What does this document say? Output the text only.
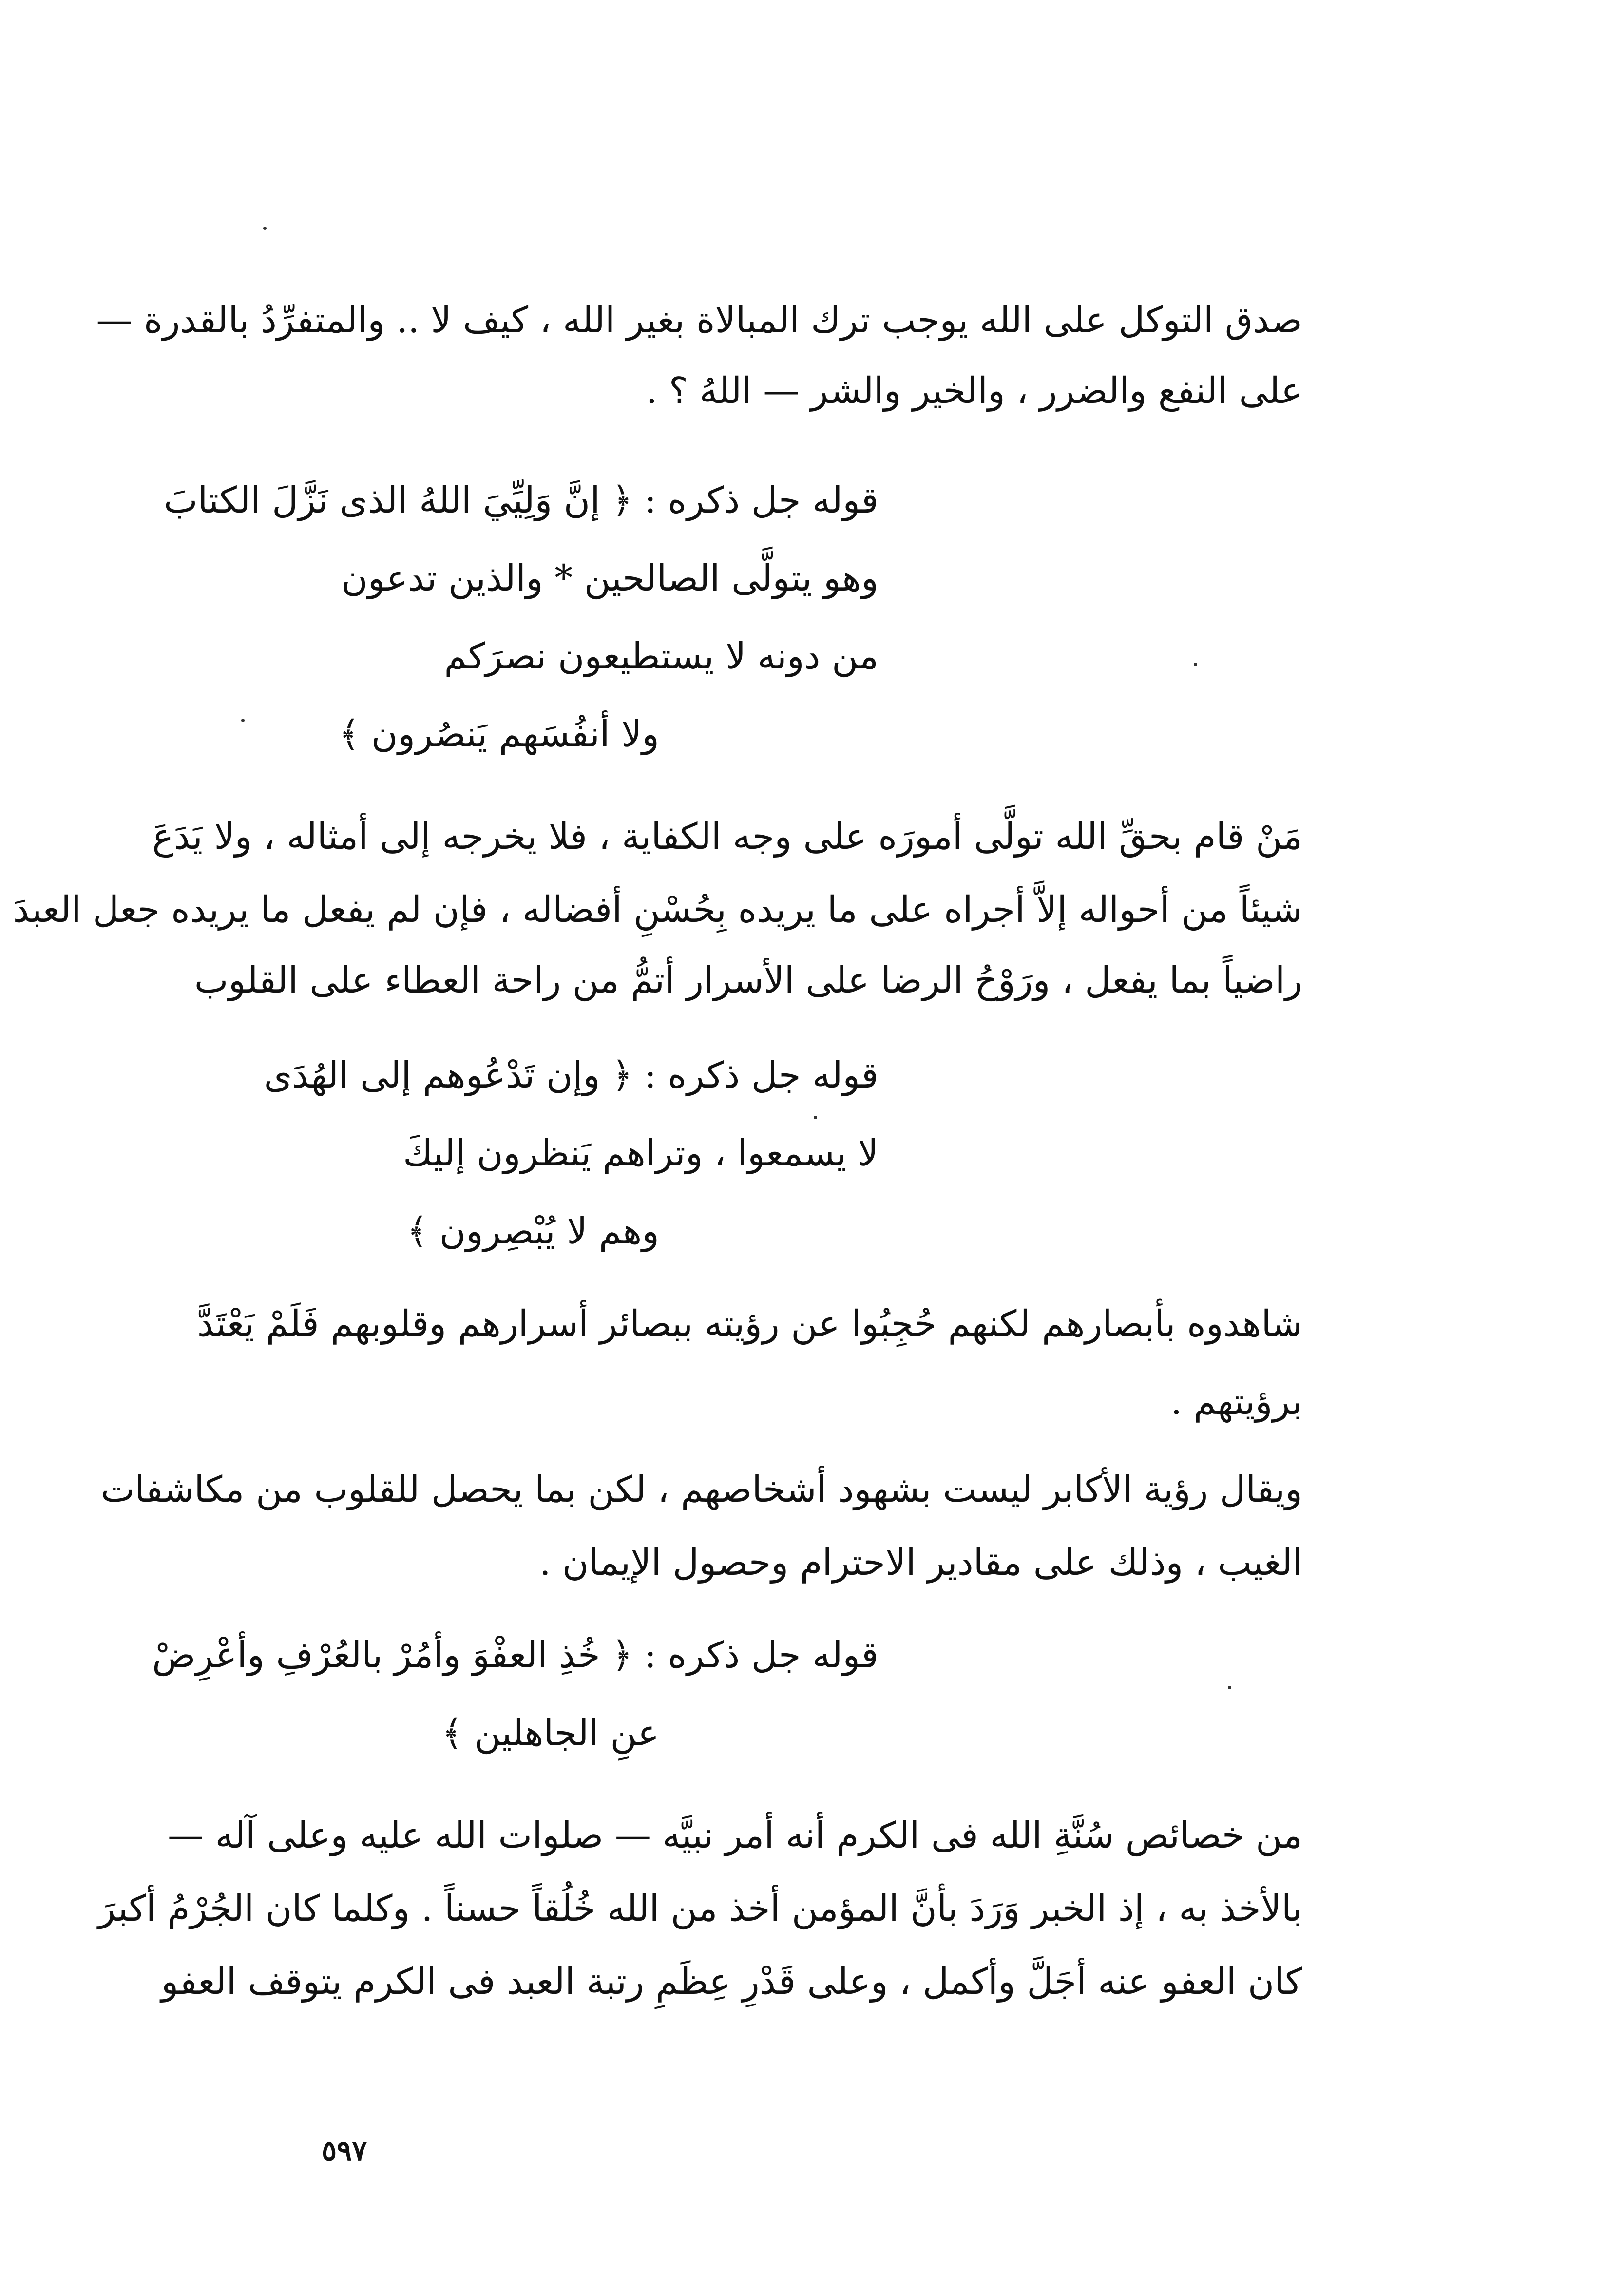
صدق التوكل على الله يوجب ترك المبالاة بغير الله ، كيف لا .. والمتفرِّدُ بالقدرة —
على النفع والضرر ، والخير والشر — اللهُ ؟ .
قوله جل ذكره : ﴿ إنَّ وَلِيِّيَ اللهُ الذى نَزَّلَ الكتابَ
وهو يتولَّى الصالحين * والذين تدعون
من دونه لا يستطيعون نصرَكم
ولا أنفُسَهم يَنصُرون ﴾
مَنْ قام بحقِّ الله تولَّى أمورَه على وجه الكفاية ، فلا يخرجه إلى أمثاله ، ولا يَدَعَ
شيئاً من أحواله إلاَّ أجراه على ما يريده بِحُسْنِ أفضاله ، فإن لم يفعل ما يريده جعل العبدَ
راضياً بما يفعل ، ورَوْحُ الرضا على الأسرار أتمُّ من راحة العطاء على القلوب
قوله جل ذكره : ﴿ وإن تَدْعُوهم إلى الهُدَى
لا يسمعوا ، وتراهم يَنظرون إليكَ
وهم لا يُبْصِرون ﴾
شاهدوه بأبصارهم لكنهم حُجِبُوا عن رؤيته ببصائر أسرارهم وقلوبهم فَلَمْ يَعْتَدَّ
برؤيتهم .
ويقال رؤية الأكابر ليست بشهود أشخاصهم ، لكن بما يحصل للقلوب من مكاشفات
الغيب ، وذلك على مقادير الاحترام وحصول الإيمان .
قوله جل ذكره : ﴿ خُذِ العفْوَ وأمُرْ بالعُرْفِ وأعْرِضْ
عنِ الجاهلين ﴾
من خصائص سُنَّةِ الله فى الكرم أنه أمر نبيَّه — صلوات الله عليه وعلى آله —
بالأخذ به ، إذ الخبر وَرَدَ بأنَّ المؤمن أخذ من الله خُلُقاً حسناً . وكلما كان الجُرْمُ أكبرَ
كان العفو عنه أجَلَّ وأكمل ، وعلى قَدْرِ عِظَمِ رتبة العبد فى الكرم يتوقف العفو
٥٩٧
